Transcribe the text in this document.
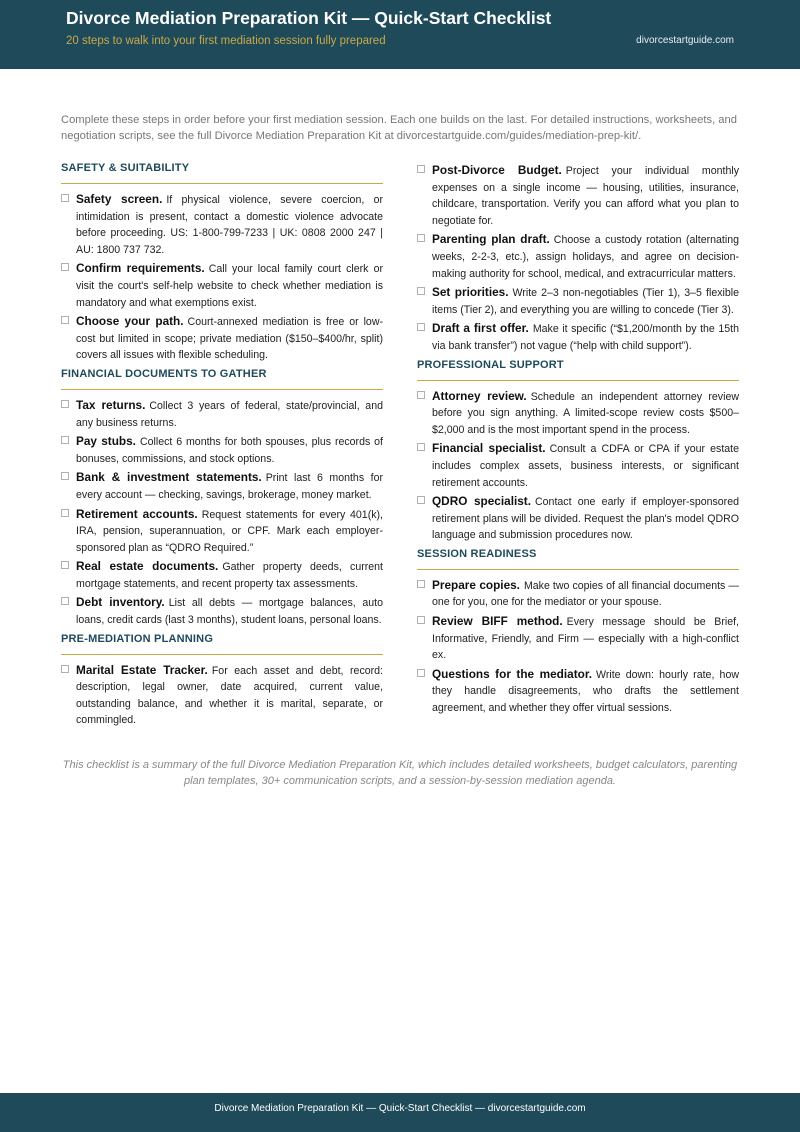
Divorce Mediation Preparation Kit — Quick-Start Checklist
20 steps to walk into your first mediation session fully prepared	divorcestartguide.com
Complete these steps in order before your first mediation session. Each one builds on the last. For detailed instructions, worksheets, and negotiation scripts, see the full Divorce Mediation Preparation Kit at divorcestartguide.com/guides/mediation-prep-kit/.
SAFETY & SUITABILITY
Safety screen. If physical violence, severe coercion, or intimidation is present, contact a domestic violence advocate before proceeding. US: 1-800-799-7233 | UK: 0808 2000 247 | AU: 1800 737 732.
Confirm requirements. Call your local family court clerk or visit the court's self-help website to check whether mediation is mandatory and what exemptions exist.
Choose your path. Court-annexed mediation is free or low-cost but limited in scope; private mediation ($150–$400/hr, split) covers all issues with flexible scheduling.
FINANCIAL DOCUMENTS TO GATHER
Tax returns. Collect 3 years of federal, state/provincial, and any business returns.
Pay stubs. Collect 6 months for both spouses, plus records of bonuses, commissions, and stock options.
Bank & investment statements. Print last 6 months for every account — checking, savings, brokerage, money market.
Retirement accounts. Request statements for every 401(k), IRA, pension, superannuation, or CPF. Mark each employer-sponsored plan as “QDRO Required.”
Real estate documents. Gather property deeds, current mortgage statements, and recent property tax assessments.
Debt inventory. List all debts — mortgage balances, auto loans, credit cards (last 3 months), student loans, personal loans.
PRE-MEDIATION PLANNING
Marital Estate Tracker. For each asset and debt, record: description, legal owner, date acquired, current value, outstanding balance, and whether it is marital, separate, or commingled.
Post-Divorce Budget. Project your individual monthly expenses on a single income — housing, utilities, insurance, childcare, transportation. Verify you can afford what you plan to negotiate for.
Parenting plan draft. Choose a custody rotation (alternating weeks, 2-2-3, etc.), assign holidays, and agree on decision-making authority for school, medical, and extracurricular matters.
Set priorities. Write 2–3 non-negotiables (Tier 1), 3–5 flexible items (Tier 2), and everything you are willing to concede (Tier 3).
Draft a first offer. Make it specific (“$1,200/month by the 15th via bank transfer”) not vague (“help with child support”).
PROFESSIONAL SUPPORT
Attorney review. Schedule an independent attorney review before you sign anything. A limited-scope review costs $500–$2,000 and is the most important spend in the process.
Financial specialist. Consult a CDFA or CPA if your estate includes complex assets, business interests, or significant retirement accounts.
QDRO specialist. Contact one early if employer-sponsored retirement plans will be divided. Request the plan's model QDRO language and submission procedures now.
SESSION READINESS
Prepare copies. Make two copies of all financial documents — one for you, one for the mediator or your spouse.
Review BIFF method. Every message should be Brief, Informative, Friendly, and Firm — especially with a high-conflict ex.
Questions for the mediator. Write down: hourly rate, how they handle disagreements, who drafts the settlement agreement, and whether they offer virtual sessions.
This checklist is a summary of the full Divorce Mediation Preparation Kit, which includes detailed worksheets, budget calculators, parenting plan templates, 30+ communication scripts, and a session-by-session mediation agenda.
Divorce Mediation Preparation Kit — Quick-Start Checklist — divorcestartguide.com
